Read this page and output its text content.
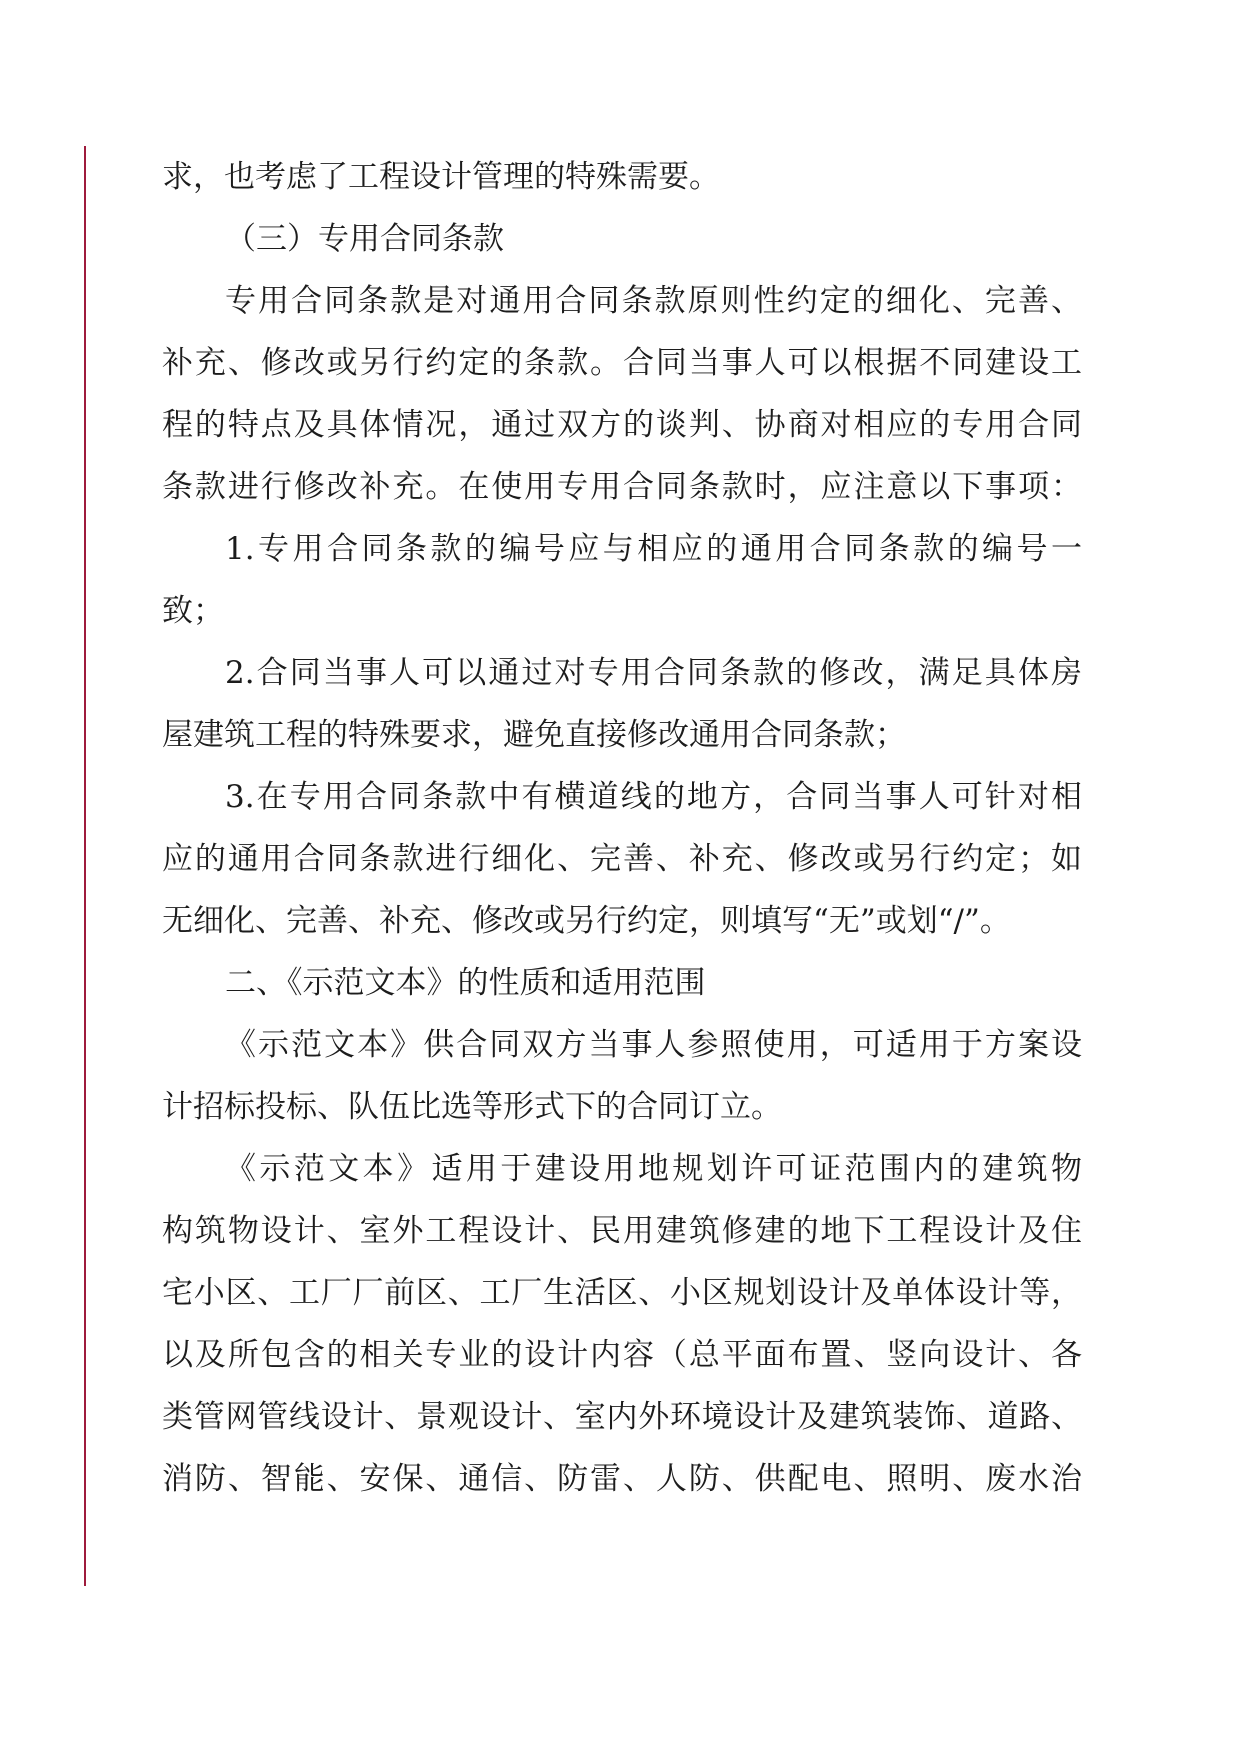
求，也考虑了工程设计管理的特殊需要。
（三）专用合同条款
专用合同条款是对通用合同条款原则性约定的细化、完善、
补充、修改或另行约定的条款。合同当事人可以根据不同建设工
程的特点及具体情况，通过双方的谈判、协商对相应的专用合同
条款进行修改补充。在使用专用合同条款时，应注意以下事项：
1.专用合同条款的编号应与相应的通用合同条款的编号一
致；
2.合同当事人可以通过对专用合同条款的修改，满足具体房
屋建筑工程的特殊要求，避免直接修改通用合同条款；
3.在专用合同条款中有横道线的地方，合同当事人可针对相
应的通用合同条款进行细化、完善、补充、修改或另行约定；如
无细化、完善、补充、修改或另行约定，则填写“无”或划“/”。
二、《示范文本》的性质和适用范围
《示范文本》供合同双方当事人参照使用，可适用于方案设
计招标投标、队伍比选等形式下的合同订立。
《示范文本》适用于建设用地规划许可证范围内的建筑物
构筑物设计、室外工程设计、民用建筑修建的地下工程设计及住
宅小区、工厂厂前区、工厂生活区、小区规划设计及单体设计等，
以及所包含的相关专业的设计内容（总平面布置、竖向设计、各
类管网管线设计、景观设计、室内外环境设计及建筑装饰、道路、
消防、智能、安保、通信、防雷、人防、供配电、照明、废水治
